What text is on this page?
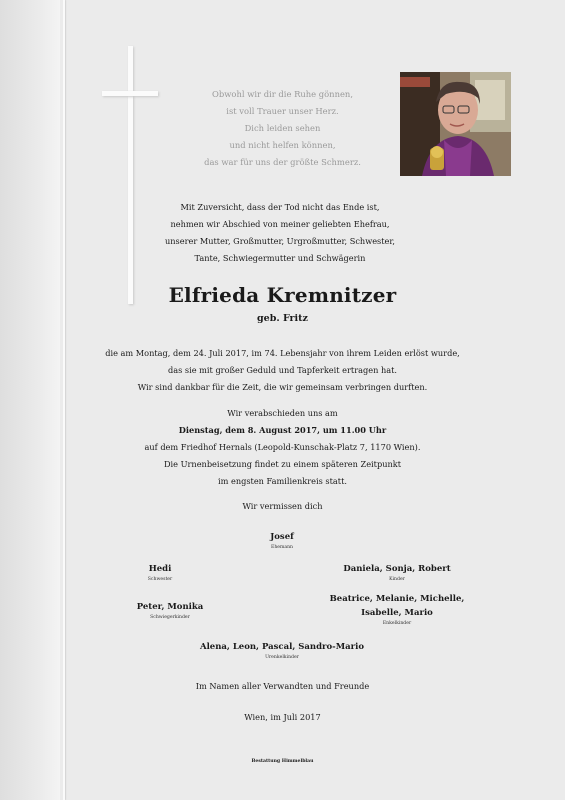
Obwohl wir dir die Ruhe gönnen,
ist voll Trauer unser Herz.
Dich leiden sehen
und nicht helfen können,
das war für uns der größte Schmerz.
Mit Zuversicht, dass der Tod nicht das Ende ist,
nehmen wir Abschied von meiner geliebten Ehefrau,
unserer Mutter, Großmutter, Urgroßmutter, Schwester,
Tante, Schwiegermutter und Schwägerin
Elfrieda Kremnitzer
geb. Fritz
die am Montag, dem 24. Juli 2017, im 74. Lebensjahr von ihrem Leiden erlöst wurde,
das sie mit großer Geduld und Tapferkeit ertragen hat.
Wir sind dankbar für die Zeit, die wir gemeinsam verbringen durften.
Wir verabschieden uns am
Dienstag, dem 8. August 2017, um 11.00 Uhr
auf dem Friedhof Hernals (Leopold-Kunschak-Platz 7, 1170 Wien).
Die Urnenbeisetzung findet zu einem späteren Zeitpunkt
im engsten Familienkreis statt.
Wir vermissen dich
Josef
Ehemann
Hedi
Schwester
Daniela, Sonja, Robert
Kinder
Peter, Monika
Schwiegerkinder
Beatrice, Melanie, Michelle,
Isabelle, Mario
Enkelkinder
Alena, Leon, Pascal, Sandro-Mario
Urenkelkinder
Im Namen aller Verwandten und Freunde
Wien, im Juli 2017
Bestattung Himmelblau
